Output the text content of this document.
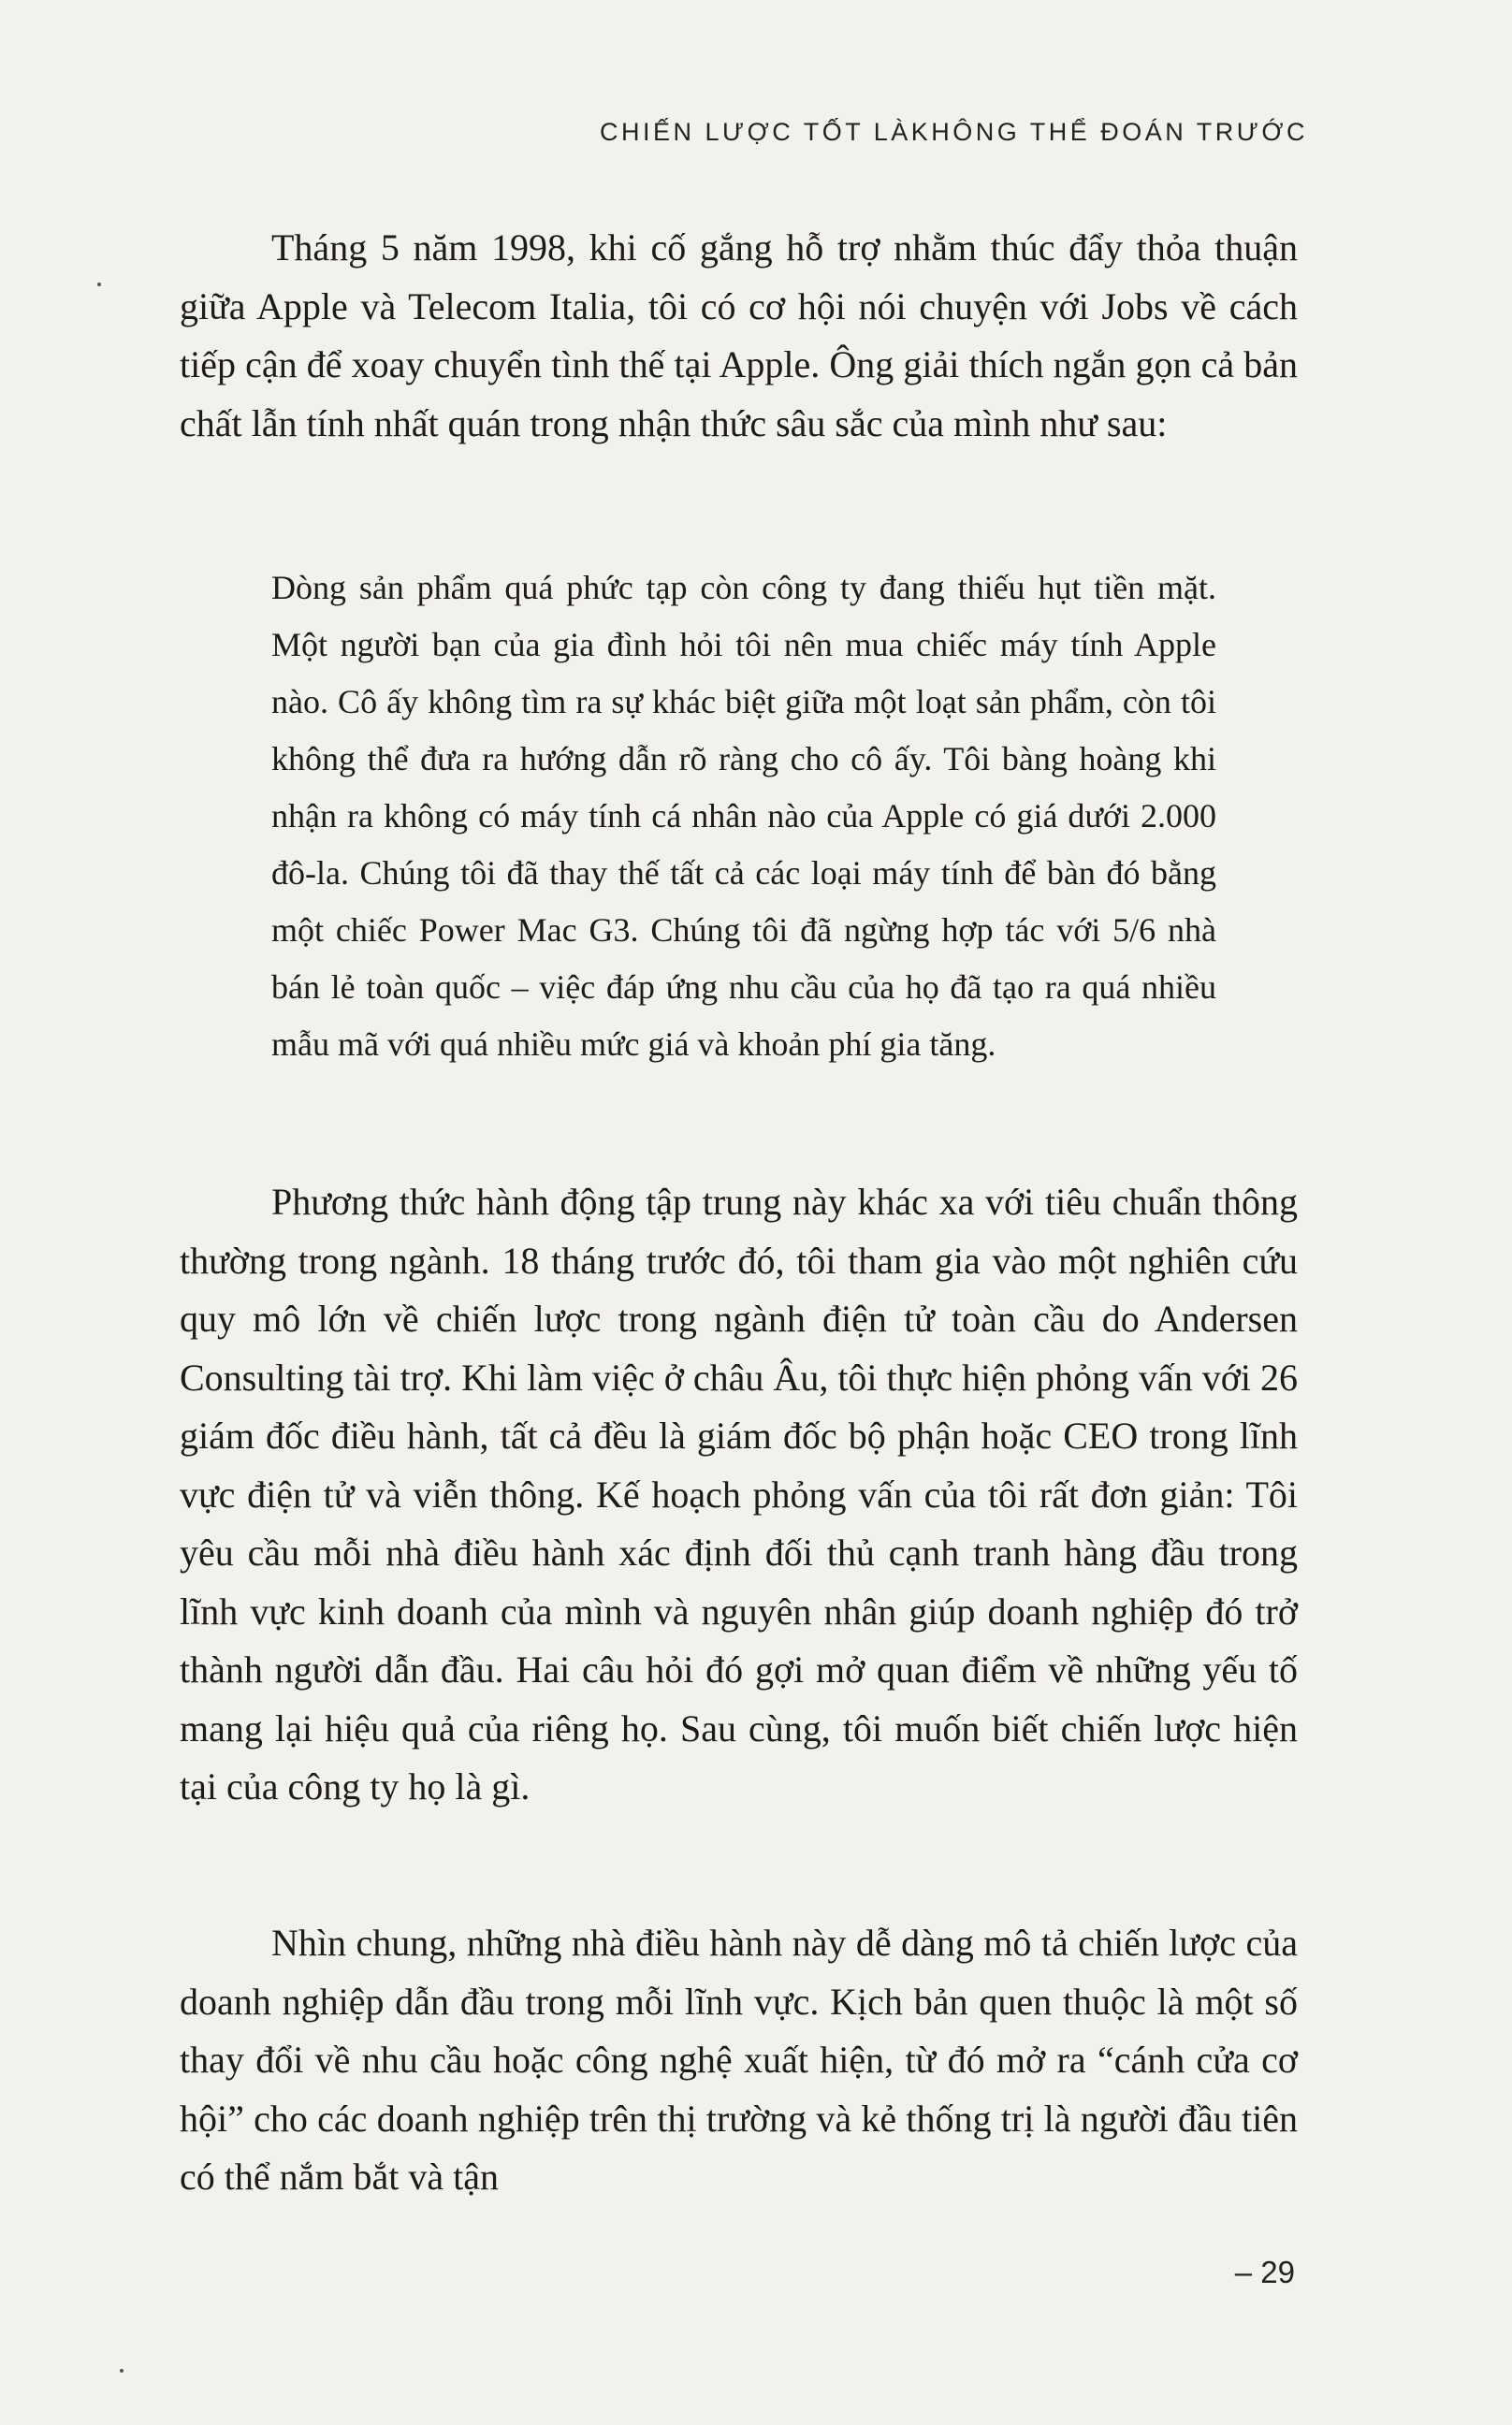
CHIẾN LƯỢC TỐT LÀKHÔNG THỂ ĐOÁN TRƯỚC

Tháng 5 năm 1998, khi cố gắng hỗ trợ nhằm thúc đẩy thỏa thuận giữa Apple và Telecom Italia, tôi có cơ hội nói chuyện với Jobs về cách tiếp cận để xoay chuyển tình thế tại Apple. Ông giải thích ngắn gọn cả bản chất lẫn tính nhất quán trong nhận thức sâu sắc của mình như sau:

Dòng sản phẩm quá phức tạp còn công ty đang thiếu hụt tiền mặt. Một người bạn của gia đình hỏi tôi nên mua chiếc máy tính Apple nào. Cô ấy không tìm ra sự khác biệt giữa một loạt sản phẩm, còn tôi không thể đưa ra hướng dẫn rõ ràng cho cô ấy. Tôi bàng hoàng khi nhận ra không có máy tính cá nhân nào của Apple có giá dưới 2.000 đô-la. Chúng tôi đã thay thế tất cả các loại máy tính để bàn đó bằng một chiếc Power Mac G3. Chúng tôi đã ngừng hợp tác với 5/6 nhà bán lẻ toàn quốc – việc đáp ứng nhu cầu của họ đã tạo ra quá nhiều mẫu mã với quá nhiều mức giá và khoản phí gia tăng.

Phương thức hành động tập trung này khác xa với tiêu chuẩn thông thường trong ngành. 18 tháng trước đó, tôi tham gia vào một nghiên cứu quy mô lớn về chiến lược trong ngành điện tử toàn cầu do Andersen Consulting tài trợ. Khi làm việc ở châu Âu, tôi thực hiện phỏng vấn với 26 giám đốc điều hành, tất cả đều là giám đốc bộ phận hoặc CEO trong lĩnh vực điện tử và viễn thông. Kế hoạch phỏng vấn của tôi rất đơn giản: Tôi yêu cầu mỗi nhà điều hành xác định đối thủ cạnh tranh hàng đầu trong lĩnh vực kinh doanh của mình và nguyên nhân giúp doanh nghiệp đó trở thành người dẫn đầu. Hai câu hỏi đó gợi mở quan điểm về những yếu tố mang lại hiệu quả của riêng họ. Sau cùng, tôi muốn biết chiến lược hiện tại của công ty họ là gì.

Nhìn chung, những nhà điều hành này dễ dàng mô tả chiến lược của doanh nghiệp dẫn đầu trong mỗi lĩnh vực. Kịch bản quen thuộc là một số thay đổi về nhu cầu hoặc công nghệ xuất hiện, từ đó mở ra “cánh cửa cơ hội” cho các doanh nghiệp trên thị trường và kẻ thống trị là người đầu tiên có thể nắm bắt và tận

– 29
